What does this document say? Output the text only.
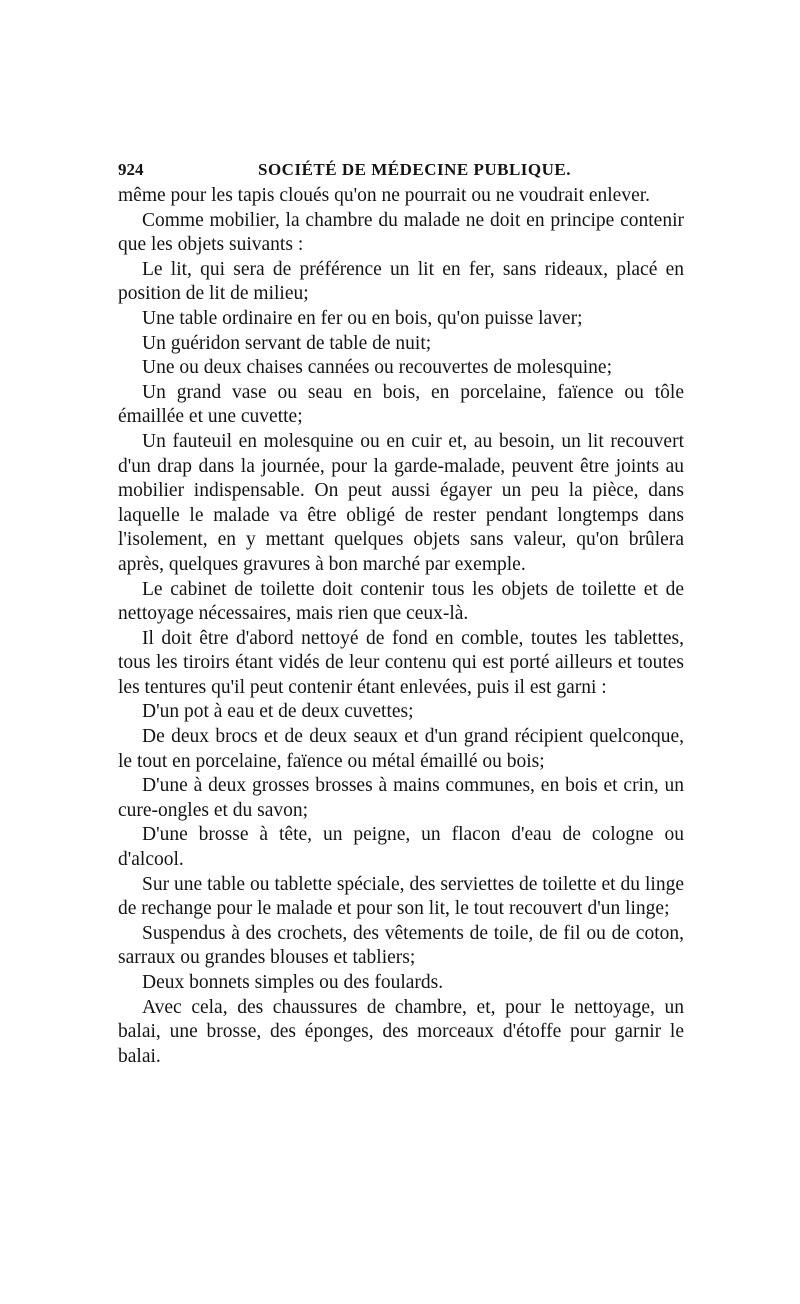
924	SOCIÉTÉ DE MÉDECINE PUBLIQUE.

même pour les tapis cloués qu'on ne pourrait ou ne voudrait enlever.

Comme mobilier, la chambre du malade ne doit en principe contenir que les objets suivants :

Le lit, qui sera de préférence un lit en fer, sans rideaux, placé en position de lit de milieu;

Une table ordinaire en fer ou en bois, qu'on puisse laver;

Un guéridon servant de table de nuit;

Une ou deux chaises cannées ou recouvertes de molesquine;

Un grand vase ou seau en bois, en porcelaine, faïence ou tôle émaillée et une cuvette;

Un fauteuil en molesquine ou en cuir et, au besoin, un lit recouvert d'un drap dans la journée, pour la garde-malade, peuvent être joints au mobilier indispensable. On peut aussi égayer un peu la pièce, dans laquelle le malade va être obligé de rester pendant longtemps dans l'isolement, en y mettant quelques objets sans valeur, qu'on brûlera après, quelques gravures à bon marché par exemple.

Le cabinet de toilette doit contenir tous les objets de toilette et de nettoyage nécessaires, mais rien que ceux-là.

Il doit être d'abord nettoyé de fond en comble, toutes les tablettes, tous les tiroirs étant vidés de leur contenu qui est porté ailleurs et toutes les tentures qu'il peut contenir étant enlevées, puis il est garni :

D'un pot à eau et de deux cuvettes;

De deux brocs et de deux seaux et d'un grand récipient quelconque, le tout en porcelaine, faïence ou métal émaillé ou bois;

D'une à deux grosses brosses à mains communes, en bois et crin, un cure-ongles et du savon;

D'une brosse à tête, un peigne, un flacon d'eau de cologne ou d'alcool.

Sur une table ou tablette spéciale, des serviettes de toilette et du linge de rechange pour le malade et pour son lit, le tout recouvert d'un linge;

Suspendus à des crochets, des vêtements de toile, de fil ou de coton, sarraux ou grandes blouses et tabliers;

Deux bonnets simples ou des foulards.

Avec cela, des chaussures de chambre, et, pour le nettoyage, un balai, une brosse, des éponges, des morceaux d'étoffe pour garnir le balai.
